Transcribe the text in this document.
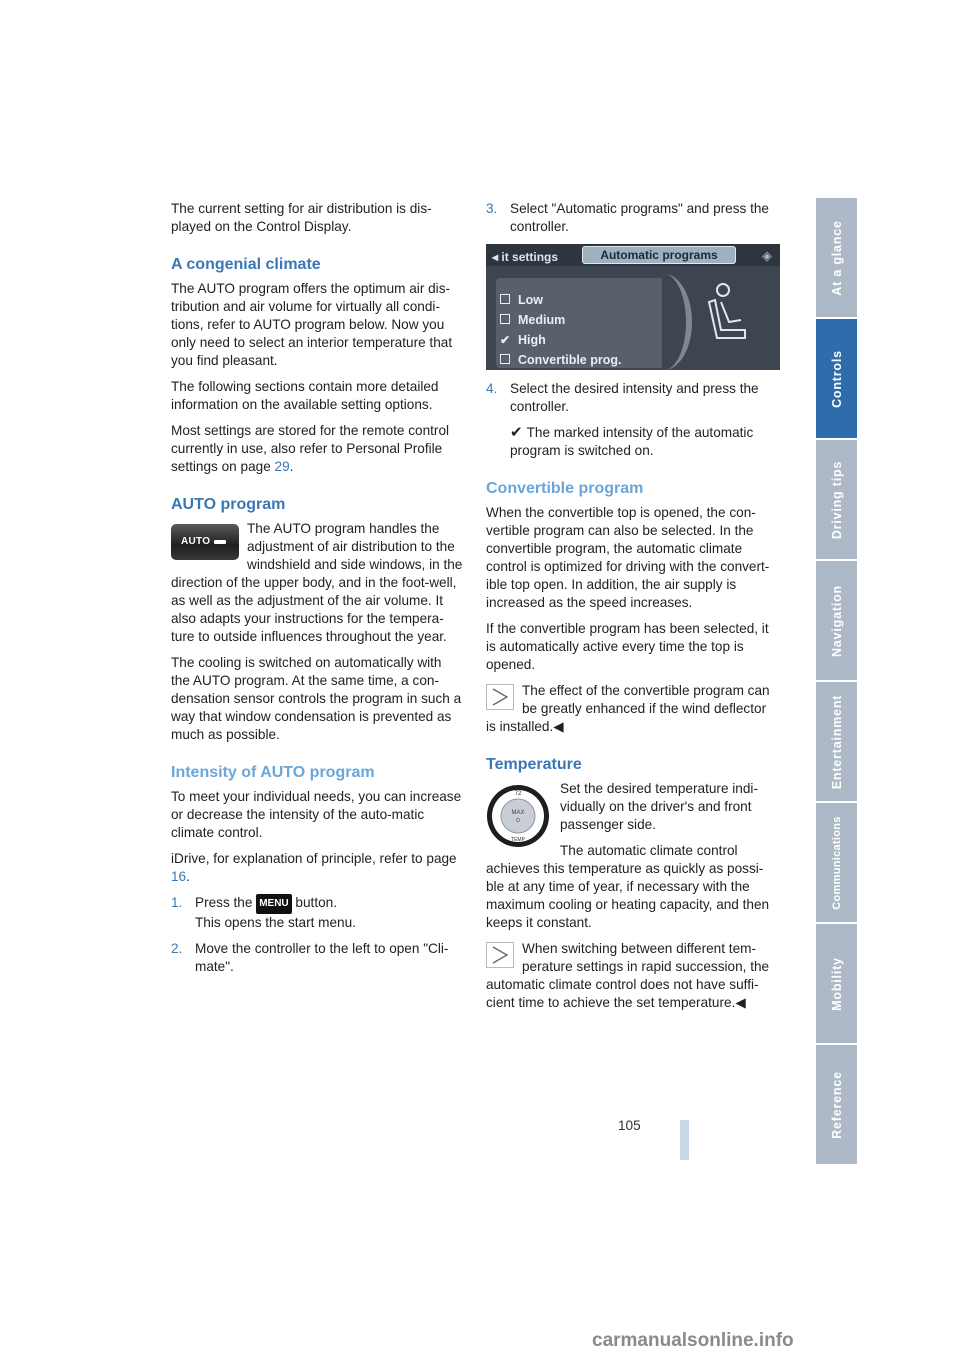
The current setting for air distribution is dis-played on the Control Display.

A congenial climate

The AUTO program offers the optimum air dis-tribution and air volume for virtually all condi-tions, refer to AUTO program below. Now you only need to select an interior temperature that you find pleasant.

The following sections contain more detailed information on the available setting options.

Most settings are stored for the remote control currently in use, also refer to Personal Profile settings on page 29.

AUTO program
AUTO

The AUTO program handles the adjustment of air distribution to the windshield and side windows, in the direction of the upper body, and in the foot-well, as well as the adjustment of the air volume. It also adapts your instructions for the tempera-ture to outside influences throughout the year.

The cooling is switched on automatically with the AUTO program. At the same time, a con-densation sensor controls the program in such a way that window condensation is prevented as much as possible.

Intensity of AUTO program

To meet your individual needs, you can increase or decrease the intensity of the auto-matic climate control.

iDrive, for explanation of principle, refer to page 16.

1. Press the MENU button.
This opens the start menu.
2. Move the controller to the left to open "Cli-mate".
3. Select "Automatic programs" and press the controller.
◂ it settings	Automatic programs	◈
Low
Medium
✔ High
Convertible prog.
4. Select the desired intensity and press the controller.

✔ The marked intensity of the automatic program is switched on.

Convertible program

When the convertible top is opened, the con-vertible program can also be selected. In the convertible program, the automatic climate control is optimized for driving with the convert-ible top open. In addition, the air supply is increased as the speed increases.

If the convertible program has been selected, it is automatically active every time the top is opened.

The effect of the convertible program can be greatly enhanced if the wind deflector is installed.◀

Temperature
72
MAX
D
TEMP

Set the desired temperature indi-vidually on the driver's and front passenger side.

The automatic climate control achieves this temperature as quickly as possi-ble at any time of year, if necessary with the maximum cooling or heating capacity, and then keeps it constant.

When switching between different tem-perature settings in rapid succession, the automatic climate control does not have suffi-cient time to achieve the set temperature.◀

At a glance
Controls
Driving tips
Navigation
Entertainment
Communications
Mobility
Reference
105
carmanualsonline.info
